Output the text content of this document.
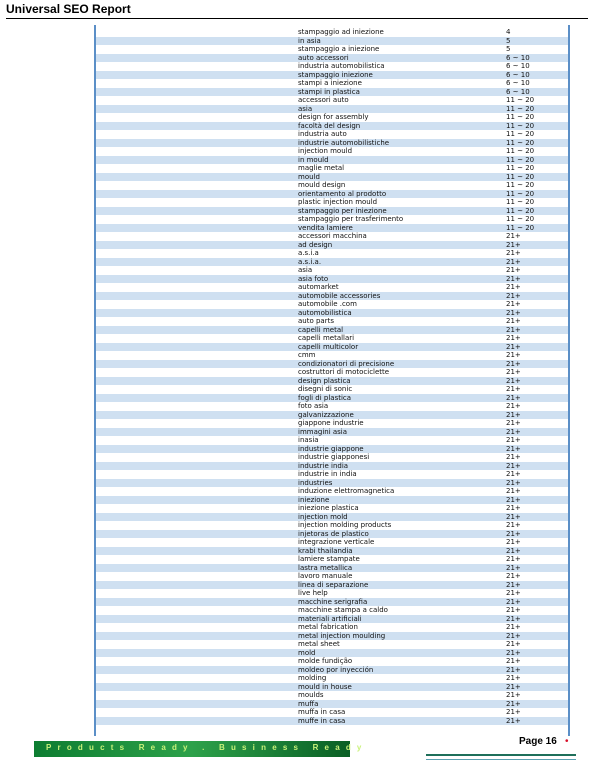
Universal SEO Report
stampaggio ad iniezione	4
in asia	5
stampaggio a iniezione	5
auto accessori	6 ~ 10
industria automobilistica	6 ~ 10
stampaggio iniezione	6 ~ 10
stampi a iniezione	6 ~ 10
stampi in plastica	6 ~ 10
accessori auto	11 ~ 20
asia	11 ~ 20
design for assembly	11 ~ 20
facoltà del design	11 ~ 20
industria auto	11 ~ 20
industrie automobilistiche	11 ~ 20
injection mould	11 ~ 20
in mould	11 ~ 20
maglie metal	11 ~ 20
mould	11 ~ 20
mould design	11 ~ 20
orientamento al prodotto	11 ~ 20
plastic injection mould	11 ~ 20
stampaggio per iniezione	11 ~ 20
stampaggio per trasferimento	11 ~ 20
vendita lamiere	11 ~ 20
accessori macchina	21+
ad design	21+
a.s.i.a	21+
a.s.i.a.	21+
asia	21+
asia foto	21+
automarket	21+
automobile accessories	21+
automobile .com	21+
automobilistica	21+
auto parts	21+
capelli metal	21+
capelli metallari	21+
capelli multicolor	21+
cmm	21+
condizionatori di precisione	21+
costruttori di motociclette	21+
design plastica	21+
disegni di sonic	21+
fogli di plastica	21+
foto asia	21+
galvanizzazione	21+
giappone industrie	21+
immagini asia	21+
inasia	21+
industrie giappone	21+
industrie giapponesi	21+
industrie india	21+
industrie in india	21+
industries	21+
induzione elettromagnetica	21+
iniezione	21+
iniezione plastica	21+
injection mold	21+
injection molding products	21+
injetoras de plastico	21+
integrazione verticale	21+
krabi thailandia	21+
lamiere stampate	21+
lastra metallica	21+
lavoro manuale	21+
linea di separazione	21+
live help	21+
macchine serigrafia	21+
macchine stampa a caldo	21+
materiali artificiali	21+
metal fabrication	21+
metal injection moulding	21+
metal sheet	21+
mold	21+
molde fundição	21+
moldeo por inyección	21+
molding	21+
mould in house	21+
moulds	21+
muffa	21+
muffa in casa	21+
muffe in casa	21+
Products Ready . Business Ready
Page 16 •
